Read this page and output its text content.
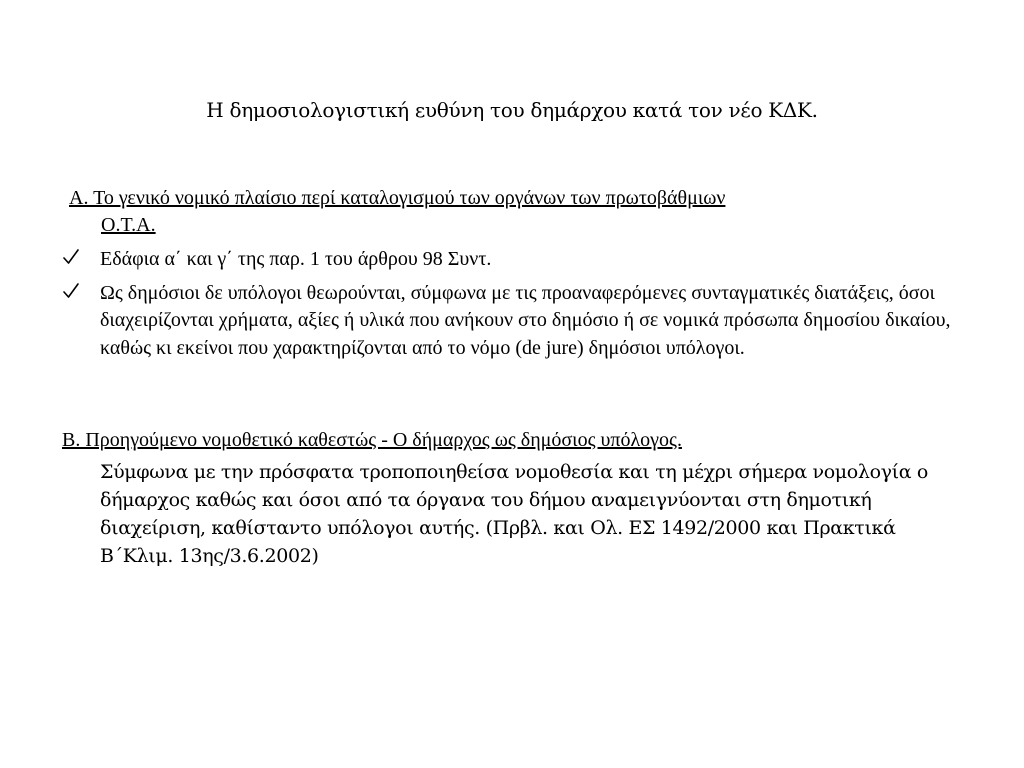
Η δημοσιολογιστική ευθύνη του δημάρχου κατά τον νέο ΚΔΚ.
Α. Το γενικό νομικό πλαίσιο περί καταλογισμού των οργάνων των πρωτοβάθμιων
Ο.Τ.Α.
Εδάφια α΄ και γ΄ της παρ. 1 του άρθρου 98 Συντ.
Ως δημόσιοι δε υπόλογοι θεωρούνται, σύμφωνα με τις προαναφερόμενες συνταγματικές διατάξεις, όσοι διαχειρίζονται χρήματα, αξίες ή υλικά που ανήκουν στο δημόσιο ή σε νομικά πρόσωπα δημοσίου δικαίου, καθώς κι εκείνοι που χαρακτηρίζονται από το νόμο (de jure) δημόσιοι υπόλογοι.
Β. Προηγούμενο νομοθετικό καθεστώς - Ο δήμαρχος ως δημόσιος υπόλογος.
Σύμφωνα με την πρόσφατα τροποποιηθείσα νομοθεσία και τη μέχρι σήμερα νομολογία ο δήμαρχος καθώς και όσοι από τα όργανα του δήμου αναμειγνύονται στη δημοτική διαχείριση, καθίσταντο υπόλογοι αυτής. (Πρβλ. και Ολ. ΕΣ 1492/2000 και Πρακτικά Β΄Κλιμ. 13ης/3.6.2002)
